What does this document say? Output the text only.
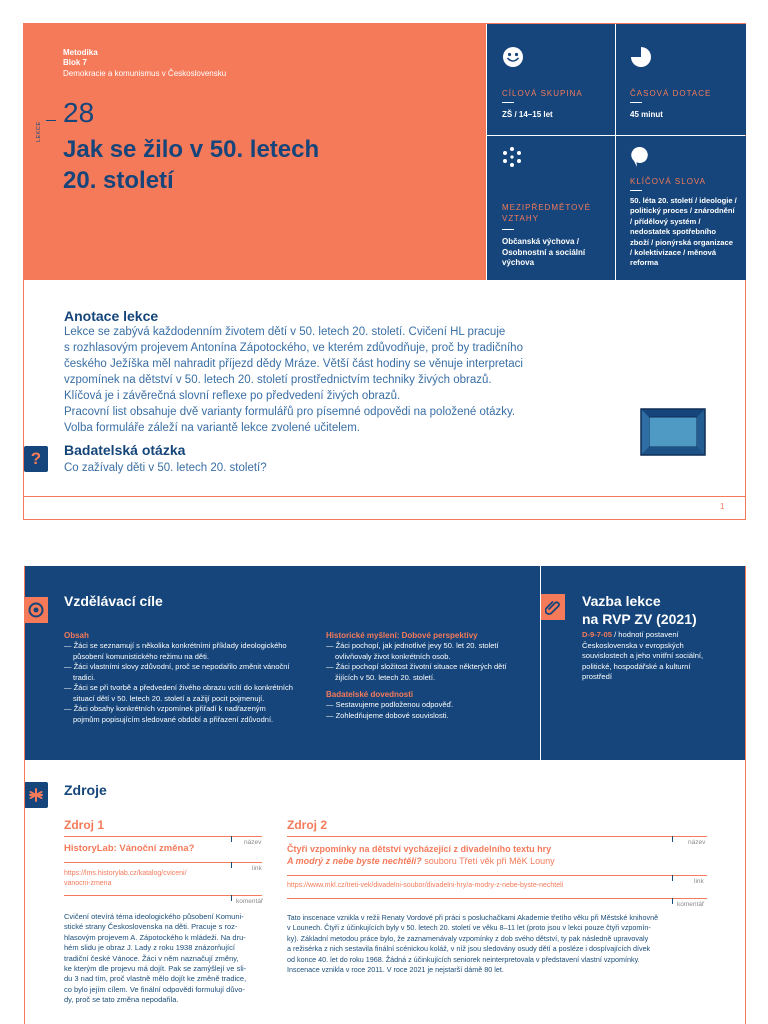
Metodika
Blok 7
Demokracie a komunismus v Československu
LEKCE
28
Jak se žilo v 50. letech
20. století
CÍLOVÁ SKUPINA
ZŠ / 14–15 let
ČASOVÁ DOTACE
45 minut
MEZIPŘEDMĚTOVÉ
VZTAHY
Občanská výchova /
Osobnostní a sociální
výchova
KLÍČOVÁ SLOVA
50. léta 20. století / ideologie /
politický proces / znárodnění
/ přídělový systém /
nedostatek spotřebního
zboží / pionýrská organizace
/ kolektivizace / měnová
reforma
Anotace lekce
Lekce se zabývá každodenním životem dětí v 50. letech 20. století. Cvičení HL pracuje
s rozhlasovým projevem Antonína Zápotockého, ve kterém zdůvodňuje, proč by tradičního
českého Ježíška měl nahradit příjezd dědy Mráze. Větší část hodiny se věnuje interpretaci
vzpomínek na dětství v 50. letech 20. století prostřednictvím techniky živých obrazů.
Klíčová je i závěrečná slovní reflexe po předvedení živých obrazů.
Pracovní list obsahuje dvě varianty formulářů pro písemné odpovědi na položené otázky.
Volba formuláře záleží na variantě lekce zvolené učitelem.
?	Badatelská otázka
Co zažívaly děti v 50. letech 20. století?
1
Vzdělávací cíle
Obsah
— Žáci se seznamují s několika konkrétními příklady ideologického
působení komunistického režimu na děti.
— Žáci vlastními slovy zdůvodní, proč se nepodařilo změnit vánoční
tradici.
— Žáci se při tvorbě a předvedení živého obrazu vcítí do konkrétních
situací dětí v 50. letech 20. století a zažijí pocit pojmenují.
— Žáci obsahy konkrétních vzpomínek přiřadí k nadřazeným
pojmům popisujícím sledované období a přiřazení zdůvodní.
Historické myšlení: Dobové perspektivy
— Žáci pochopí, jak jednotlivé jevy 50. let 20. století
ovlivňovaly život konkrétních osob.
— Žáci pochopí složitost životní situace některých dětí
žijících v 50. letech 20. století.
Badatelské dovednosti
— Sestavujeme podloženou odpověď.
— Zohledňujeme dobové souvislosti.
Vazba lekce
na RVP ZV (2021)
D-9-7-05 / hodnotí postavení
Československa v evropských
souvislostech a jeho vnitřní sociální,
politické, hospodářské a kulturní
prostředí
Zdroje
Zdroj 1
název
HistoryLab: Vánoční změna?
link
https://lms.historylab.cz/katalog/cviceni/
vanocni-zmena
komentář
Cvičení otevírá téma ideologického působení Komuni-
stické strany Československa na děti. Pracuje s roz-
hlasovým projevem A. Zápotockého k mládeži. Na dru-
hém slidu je obraz J. Lady z roku 1938 znázorňující
tradiční české Vánoce. Žáci v něm naznačují změny,
ke kterým dle projevu má dojít. Pak se zamýšlejí ve sli-
du 3 nad tím, proč vlastně mělo dojít ke změně tradice,
co bylo jejím cílem. Ve finální odpovědi formulují důvo-
dy, proč se tato změna nepodařila.
Zdroj 2
název
Čtyři vzpomínky na dětství vycházející z divadelního textu hry
A modrý z nebe byste nechtěli? souboru Třetí věk při MěK Louny
link
https://www.mkl.cz/treti-vek/divadelni-soubor/divadelni-hry/a-modry-z-nebe-byste-nechteli
komentář
Tato inscenace vznikla v režii Renaty Vordové při práci s posluchačkami Akademie třetího věku při Městské knihovně
v Lounech. Čtyři z účinkujících byly v 50. letech 20. století ve věku 8–11 let (proto jsou v lekci pouze čtyři vzpomín-
ky). Základní metodou práce bylo, že zaznamenávaly vzpomínky z dob svého dětství, ty pak následně upravovaly
a režisérka z nich sestavila finální scénickou koláž, v níž jsou sledovány osudy dětí a posléze i dospívajících dívek
od konce 40. let do roku 1968. Žádná z účinkujících seniorek neinterpretovala v představení vlastní vzpomínky.
Inscenace vznikla v roce 2011. V roce 2021 je nejstarší dámě 80 let.
